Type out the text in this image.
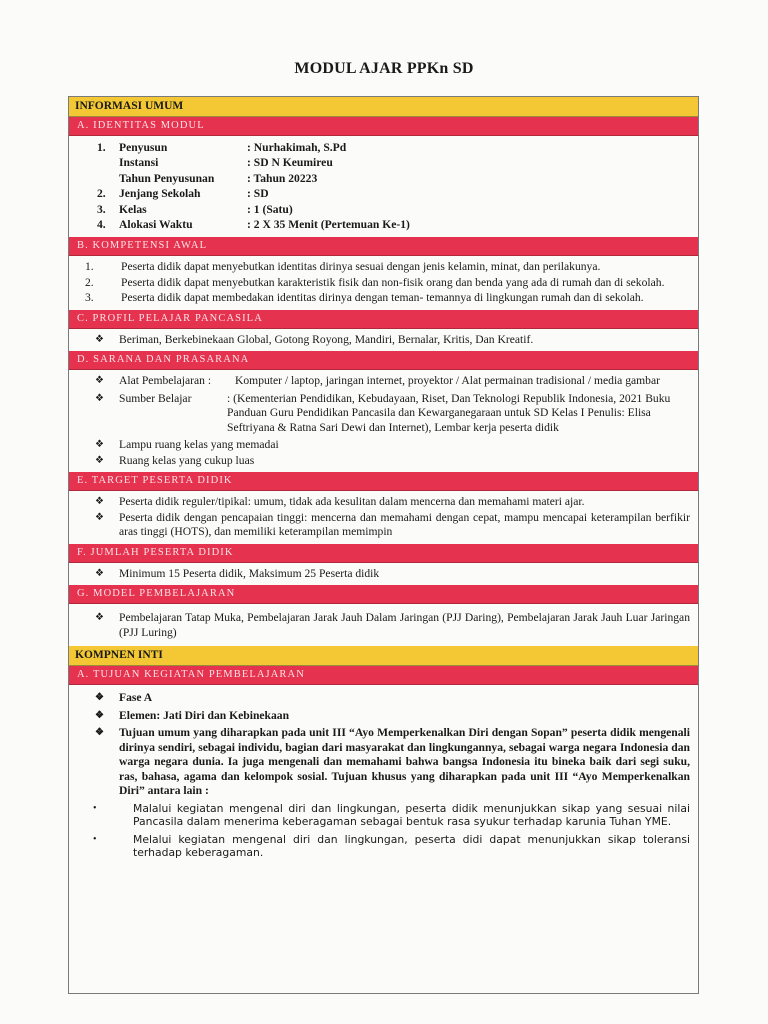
MODUL AJAR PPKn SD
INFORMASI UMUM
A. IDENTITAS MODUL
1.	Penyusun	: Nurhakimah, S.Pd
Instansi	: SD N Keumireu
Tahun Penyusunan	: Tahun 20223
2.	Jenjang Sekolah	: SD
3.	Kelas	: 1 (Satu)
4.	Alokasi Waktu	: 2 X 35 Menit (Pertemuan Ke-1)
B. KOMPETENSI AWAL
1.	Peserta didik dapat menyebutkan identitas dirinya sesuai dengan jenis kelamin, minat, dan perilakunya.
2.	Peserta didik dapat menyebutkan karakteristik fisik dan non-fisik orang dan benda yang ada di rumah dan di sekolah.
3.	Peserta didik dapat membedakan identitas dirinya dengan teman- temannya di lingkungan rumah dan di sekolah.
C. PROFIL PELAJAR PANCASILA
❖	Beriman, Berkebinekaan Global, Gotong Royong, Mandiri, Bernalar, Kritis, Dan Kreatif.
D. SARANA DAN PRASARANA
❖	Alat Pembelajaran :	Komputer / laptop, jaringan internet, proyektor / Alat permainan tradisional / media gambar
❖	Sumber Belajar	: (Kementerian Pendidikan, Kebudayaan, Riset, Dan Teknologi Republik Indonesia, 2021 Buku Panduan Guru Pendidikan Pancasila dan Kewarganegaraan untuk SD Kelas I Penulis: Elisa Seftriyana & Ratna Sari Dewi dan Internet), Lembar kerja peserta didik
❖	Lampu ruang kelas yang memadai
❖	Ruang kelas yang cukup luas
E. TARGET PESERTA DIDIK
❖	Peserta didik reguler/tipikal: umum, tidak ada kesulitan dalam mencerna dan memahami materi ajar.
❖	Peserta didik dengan pencapaian tinggi: mencerna dan memahami dengan cepat, mampu mencapai keterampilan berfikir aras tinggi (HOTS), dan memiliki keterampilan memimpin
F. JUMLAH PESERTA DIDIK
❖	Minimum 15 Peserta didik, Maksimum 25 Peserta didik
G. MODEL PEMBELAJARAN
❖	Pembelajaran Tatap Muka, Pembelajaran Jarak Jauh Dalam Jaringan (PJJ Daring), Pembelajaran Jarak Jauh Luar Jaringan (PJJ Luring)
KOMPNEN INTI
A. TUJUAN KEGIATAN PEMBELAJARAN
❖	Fase A
❖	Elemen: Jati Diri dan Kebinekaan
❖	Tujuan umum yang diharapkan pada unit III “Ayo Memperkenalkan Diri dengan Sopan” peserta didik mengenali dirinya sendiri, sebagai individu, bagian dari masyarakat dan lingkungannya, sebagai warga negara Indonesia dan warga negara dunia. Ia juga mengenali dan memahami bahwa bangsa Indonesia itu bineka baik dari segi suku, ras, bahasa, agama dan kelompok sosial. Tujuan khusus yang diharapkan pada unit III “Ayo Memperkenalkan Diri” antara lain :
•	Malalui kegiatan mengenal diri dan lingkungan, peserta didik menunjukkan sikap yang sesuai nilai Pancasila dalam menerima keberagaman sebagai bentuk rasa syukur terhadap karunia Tuhan YME.
•	Melalui kegiatan mengenal diri dan lingkungan, peserta didi dapat menunjukkan sikap toleransi terhadap keberagaman.
